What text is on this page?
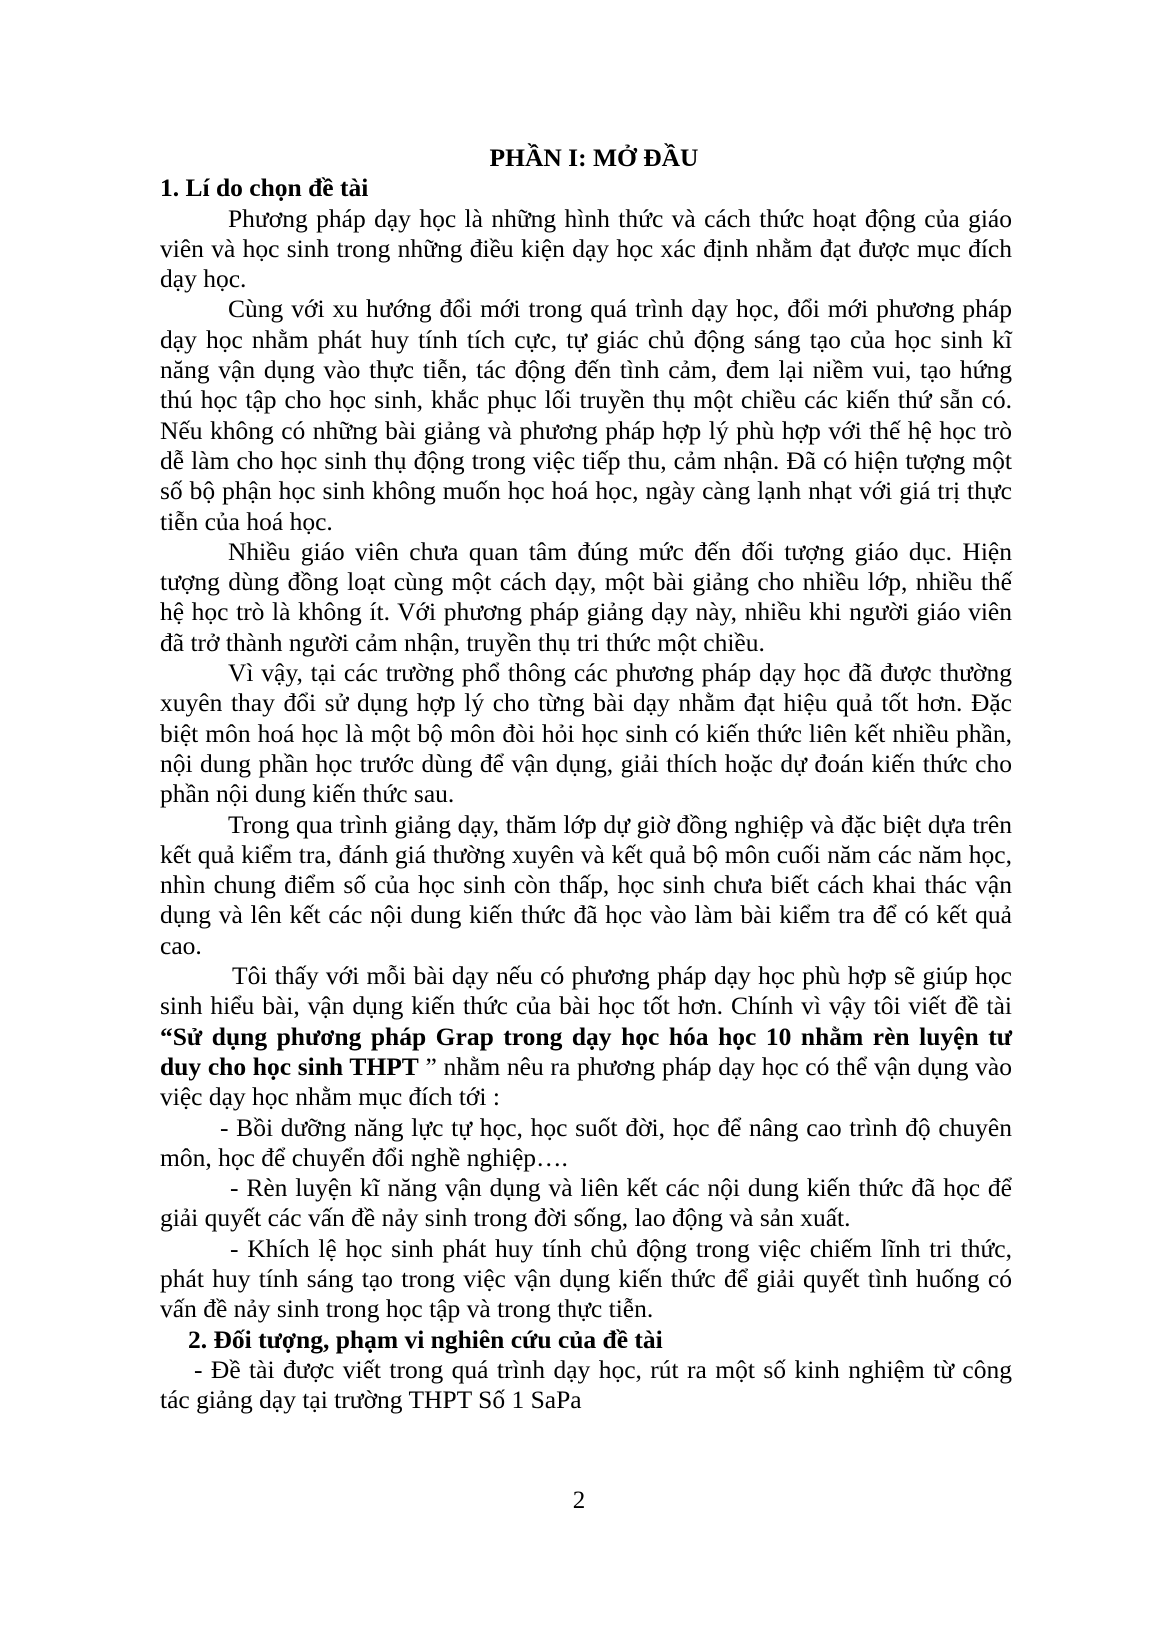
PHẦN I: MỞ ĐẦU
1. Lí do chọn đề tài

Phương pháp dạy học là những hình thức và cách thức hoạt động của giáo viên và học sinh trong những điều kiện dạy học xác định nhằm đạt được mục đích dạy học.

Cùng với xu hướng đổi mới trong quá trình dạy học, đổi mới phương pháp dạy học nhằm phát huy tính tích cực, tự giác chủ động sáng tạo của học sinh kĩ năng vận dụng vào thực tiễn, tác động đến tình cảm, đem lại niềm vui, tạo hứng thú học tập cho học sinh, khắc phục lối truyền thụ một chiều các kiến thứ sẵn có. Nếu không có những bài giảng và phương pháp hợp lý phù hợp với thế hệ học trò dễ làm cho học sinh thụ động trong việc tiếp thu, cảm nhận. Đã có hiện tượng một số bộ phận học sinh không muốn học hoá học, ngày càng lạnh nhạt với giá trị thực tiễn của hoá học.

Nhiều giáo viên chưa quan tâm đúng mức đến đối tượng giáo dục. Hiện tượng dùng đồng loạt cùng một cách dạy, một bài giảng cho nhiều lớp, nhiều thế hệ học trò là không ít. Với phương pháp giảng dạy này, nhiều khi người giáo viên đã trở thành người cảm nhận, truyền thụ tri thức một chiều.

Vì vậy, tại các trường phổ thông các phương pháp dạy học đã được thường xuyên thay đổi sử dụng hợp lý cho từng bài dạy nhằm đạt hiệu quả tốt hơn. Đặc biệt môn hoá học là một bộ môn đòi hỏi học sinh có kiến thức liên kết nhiều phần, nội dung phần học trước dùng để vận dụng, giải thích hoặc dự đoán kiến thức cho phần nội dung kiến thức sau.

Trong qua trình giảng dạy, thăm lớp dự giờ đồng nghiệp và đặc biệt dựa trên kết quả kiểm tra, đánh giá thường xuyên và kết quả bộ môn cuối năm các năm học, nhìn chung điểm số của học sinh còn thấp, học sinh chưa biết cách khai thác vận dụng và lên kết các nội dung kiến thức đã học vào làm bài kiểm tra để có kết quả cao.

Tôi thấy với mỗi bài dạy nếu có phương pháp dạy học phù hợp sẽ giúp học sinh hiểu bài, vận dụng kiến thức của bài học tốt hơn. Chính vì vậy tôi viết đề tài “Sử dụng phương pháp Grap trong dạy học hóa học 10 nhằm rèn luyện tư duy cho học sinh THPT ” nhằm nêu ra phương pháp dạy học có thể vận dụng vào việc dạy học nhằm mục đích tới :

- Bồi dưỡng năng lực tự học, học suốt đời, học để nâng cao trình độ chuyên môn, học để chuyển đổi nghề nghiệp….

- Rèn luyện kĩ năng vận dụng và liên kết các nội dung kiến thức đã học để giải quyết các vấn đề nảy sinh trong đời sống, lao động và sản xuất.

- Khích lệ học sinh phát huy tính chủ động trong việc chiếm lĩnh tri thức, phát huy tính sáng tạo trong việc vận dụng kiến thức để giải quyết tình huống có vấn đề nảy sinh trong học tập và trong thực tiễn.

2. Đối tượng, phạm vi nghiên cứu của đề tài

- Đề tài được viết trong quá trình dạy học, rút ra một số kinh nghiệm từ công tác giảng dạy tại trường THPT Số 1 SaPa

2
